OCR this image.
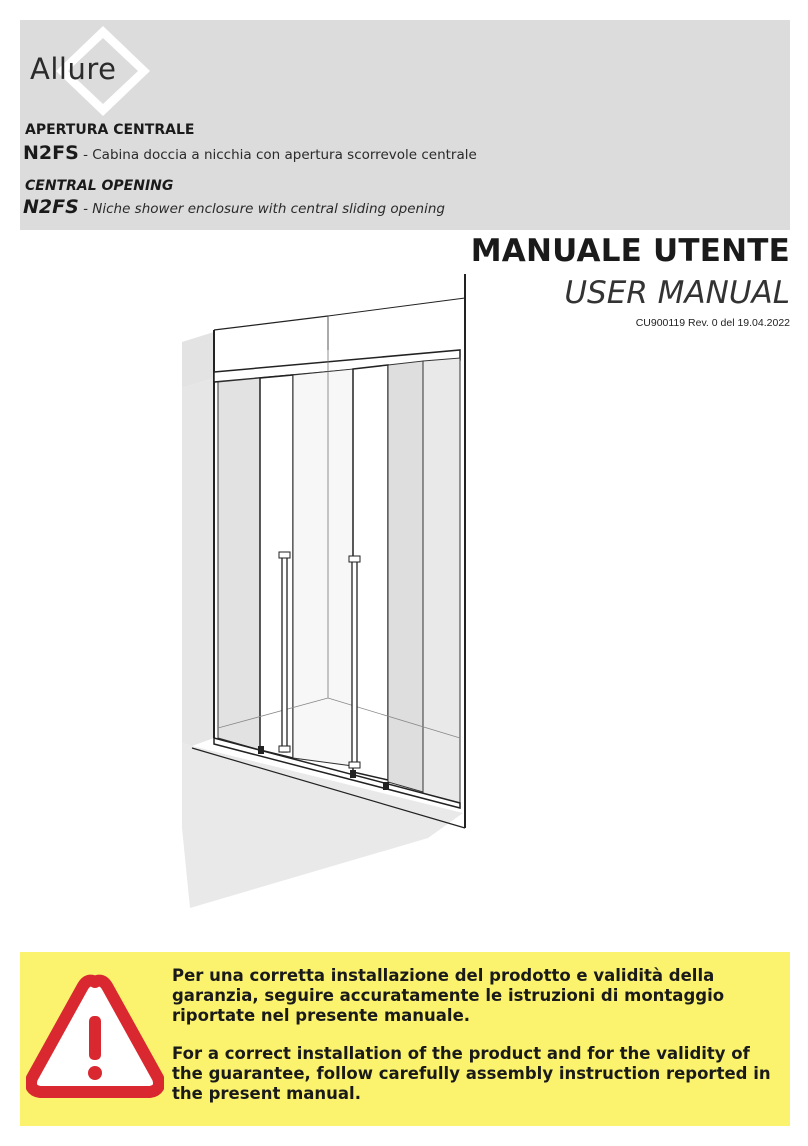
Allure
APERTURA CENTRALE
N2FS - Cabina doccia a nicchia con apertura scorrevole centrale
CENTRAL OPENING
N2FS - Niche shower enclosure with central sliding opening
MANUALE UTENTE
USER MANUAL
CU900119 Rev. 0 del 19.04.2022
Per una corretta installazione del prodotto e validità della garanzia, seguire accuratamente le istruzioni di montaggio riportate nel presente manuale.
For a correct installation of the product and for the validity of the guarantee, follow carefully assembly instruction reported in the present manual.
